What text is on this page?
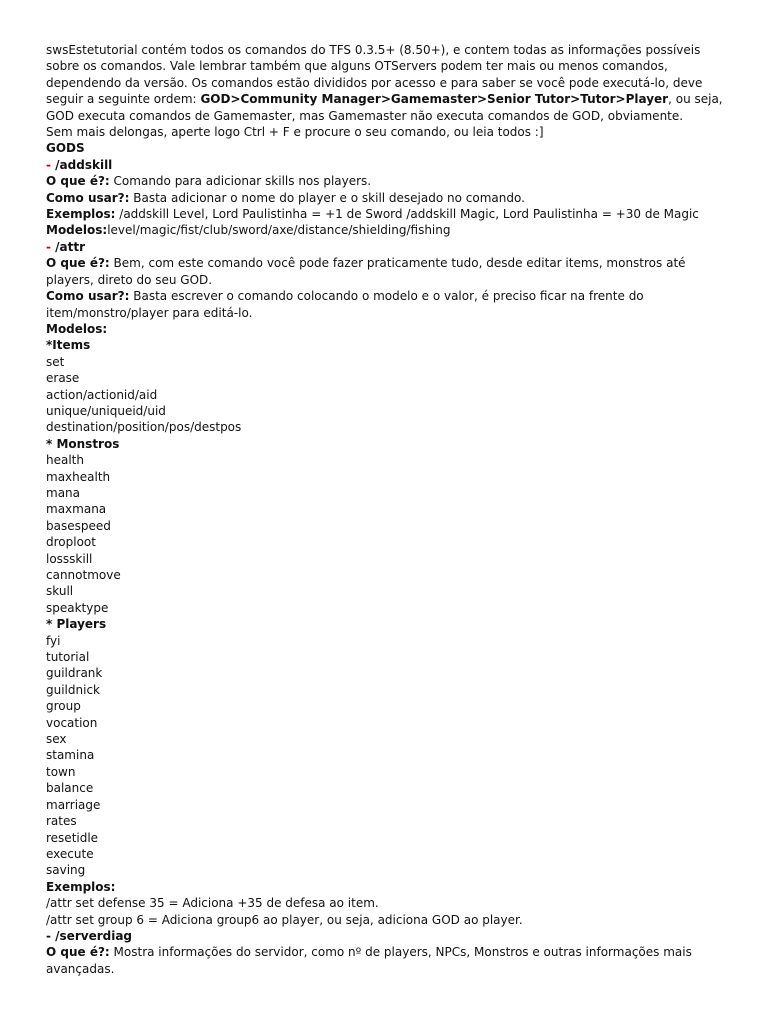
swsEstetutorial contém todos os comandos do TFS 0.3.5+ (8.50+), e contem todas as informações possíveis sobre os comandos. Vale lembrar também que alguns OTServers podem ter mais ou menos comandos, dependendo da versão. Os comandos estão divididos por acesso e para saber se você pode executá-lo, deve seguir a seguinte ordem: GOD>Community Manager>Gamemaster>Senior Tutor>Tutor>Player, ou seja, GOD executa comandos de Gamemaster, mas Gamemaster não executa comandos de GOD, obviamente.
Sem mais delongas, aperte logo Ctrl + F e procure o seu comando, ou leia todos :]
GODS
- /addskill
O que é?: Comando para adicionar skills nos players.
Como usar?: Basta adicionar o nome do player e o skill desejado no comando.
Exemplos: /addskill Level, Lord Paulistinha = +1 de Sword /addskill Magic, Lord Paulistinha = +30 de Magic Modelos:level/magic/fist/club/sword/axe/distance/shielding/fishing
- /attr
O que é?: Bem, com este comando você pode fazer praticamente tudo, desde editar items, monstros até players, direto do seu GOD.
Como usar?: Basta escrever o comando colocando o modelo e o valor, é preciso ficar na frente do item/monstro/player para editá-lo.
Modelos:
*Items
set
erase
action/actionid/aid
unique/uniqueid/uid
destination/position/pos/destpos
* Monstros
health
maxhealth
mana
maxmana
basespeed
droploot
lossskill
cannotmove
skull
speaktype
* Players
fyi
tutorial
guildrank
guildnick
group
vocation
sex
stamina
town
balance
marriage
rates
resetidle
execute
saving
Exemplos:
/attr set defense 35 = Adiciona +35 de defesa ao item.
/attr set group 6 = Adiciona group6 ao player, ou seja, adiciona GOD ao player.
- /serverdiag
O que é?: Mostra informações do servidor, como nº de players, NPCs, Monstros e outras informações mais avançadas.
